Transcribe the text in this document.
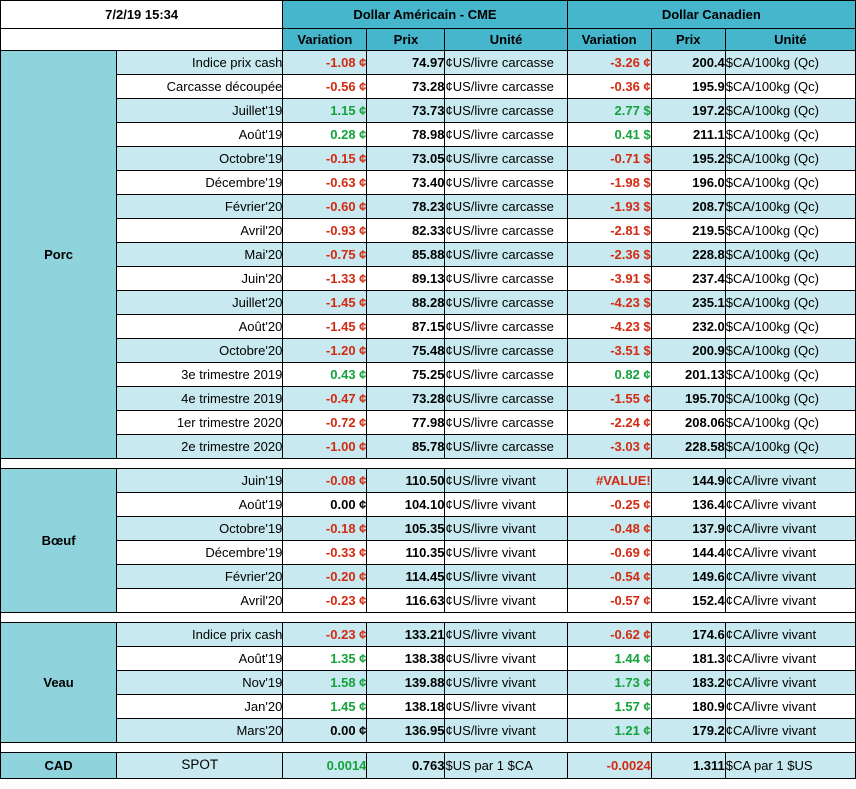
7/2/19 15:34		Dollar Américain - CME			Dollar Canadien		
		Variation	Prix	Unité	Variation	Prix	Unité
Porc	Indice prix cash	-1.08 ¢	74.97	¢US/livre carcasse	-3.26 ¢	200.4	$CA/100kg (Qc)
	Carcasse découpée	-0.56 ¢	73.28	¢US/livre carcasse	-0.36 ¢	195.9	$CA/100kg (Qc)
	Juillet'19	1.15 ¢	73.73	¢US/livre carcasse	2.77 $	197.2	$CA/100kg (Qc)
	Août'19	0.28 ¢	78.98	¢US/livre carcasse	0.41 $	211.1	$CA/100kg (Qc)
	Octobre'19	-0.15 ¢	73.05	¢US/livre carcasse	-0.71 $	195.2	$CA/100kg (Qc)
	Décembre'19	-0.63 ¢	73.40	¢US/livre carcasse	-1.98 $	196.0	$CA/100kg (Qc)
	Février'20	-0.60 ¢	78.23	¢US/livre carcasse	-1.93 $	208.7	$CA/100kg (Qc)
	Avril'20	-0.93 ¢	82.33	¢US/livre carcasse	-2.81 $	219.5	$CA/100kg (Qc)
	Mai'20	-0.75 ¢	85.88	¢US/livre carcasse	-2.36 $	228.8	$CA/100kg (Qc)
	Juin'20	-1.33 ¢	89.13	¢US/livre carcasse	-3.91 $	237.4	$CA/100kg (Qc)
	Juillet'20	-1.45 ¢	88.28	¢US/livre carcasse	-4.23 $	235.1	$CA/100kg (Qc)
	Août'20	-1.45 ¢	87.15	¢US/livre carcasse	-4.23 $	232.0	$CA/100kg (Qc)
	Octobre'20	-1.20 ¢	75.48	¢US/livre carcasse	-3.51 $	200.9	$CA/100kg (Qc)
	3e trimestre 2019	0.43 ¢	75.25	¢US/livre carcasse	0.82 ¢	201.13	$CA/100kg (Qc)
	4e trimestre 2019	-0.47 ¢	73.28	¢US/livre carcasse	-1.55 ¢	195.70	$CA/100kg (Qc)
	1er trimestre 2020	-0.72 ¢	77.98	¢US/livre carcasse	-2.24 ¢	208.06	$CA/100kg (Qc)
	2e trimestre 2020	-1.00 ¢	85.78	¢US/livre carcasse	-3.03 ¢	228.58	$CA/100kg (Qc)

Bœuf	Juin'19	-0.08 ¢	110.50	¢US/livre vivant	#VALUE!	144.9	¢CA/livre vivant
	Août'19	0.00 ¢	104.10	¢US/livre vivant	-0.25 ¢	136.4	¢CA/livre vivant
	Octobre'19	-0.18 ¢	105.35	¢US/livre vivant	-0.48 ¢	137.9	¢CA/livre vivant
	Décembre'19	-0.33 ¢	110.35	¢US/livre vivant	-0.69 ¢	144.4	¢CA/livre vivant
	Février'20	-0.20 ¢	114.45	¢US/livre vivant	-0.54 ¢	149.6	¢CA/livre vivant
	Avril'20	-0.23 ¢	116.63	¢US/livre vivant	-0.57 ¢	152.4	¢CA/livre vivant

Veau	Indice prix cash	-0.23 ¢	133.21	¢US/livre vivant	-0.62 ¢	174.6	¢CA/livre vivant
	Août'19	1.35 ¢	138.38	¢US/livre vivant	1.44 ¢	181.3	¢CA/livre vivant
	Nov'19	1.58 ¢	139.88	¢US/livre vivant	1.73 ¢	183.2	¢CA/livre vivant
	Jan'20	1.45 ¢	138.18	¢US/livre vivant	1.57 ¢	180.9	¢CA/livre vivant
	Mars'20	0.00 ¢	136.95	¢US/livre vivant	1.21 ¢	179.2	¢CA/livre vivant

CAD	SPOT	0.0014	0.763	$US par 1 $CA	-0.0024	1.311	$CA par 1 $US
